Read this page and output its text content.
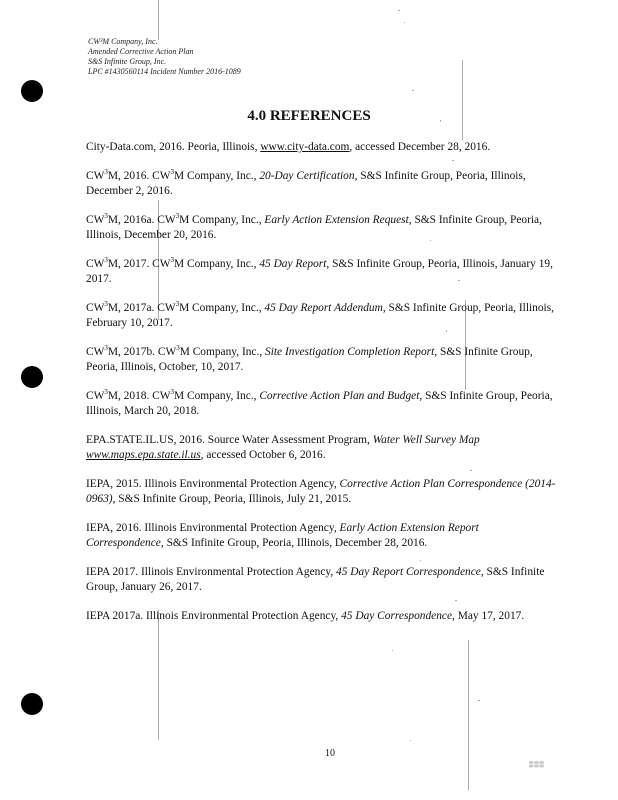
CW³M Company, Inc.
Amended Corrective Action Plan
S&S Infinite Group, Inc.
LPC #1430560114 Incident Number 2016-1089
4.0 REFERENCES
City-Data.com, 2016. Peoria, Illinois, www.city-data.com, accessed December 28, 2016.
$CW^3M$, 2016. $CW^3M$ Company, Inc., 20-Day Certification, S&S Infinite Group, Peoria, Illinois, December 2, 2016.
$CW^3M$, 2016a. $CW^3M$ Company, Inc., Early Action Extension Request, S&S Infinite Group, Peoria, Illinois, December 20, 2016.
$CW^3M$, 2017. $CW^3M$ Company, Inc., 45 Day Report, S&S Infinite Group, Peoria, Illinois, January 19, 2017.
$CW^3M$, 2017a. $CW^3M$ Company, Inc., 45 Day Report Addendum, S&S Infinite Group, Peoria, Illinois, February 10, 2017.
$CW^3M$, 2017b. $CW^3M$ Company, Inc., Site Investigation Completion Report, S&S Infinite Group, Peoria, Illinois, October, 10, 2017.
$CW^3M$, 2018. $CW^3M$ Company, Inc., Corrective Action Plan and Budget, S&S Infinite Group, Peoria, Illinois, March 20, 2018.
EPA.STATE.IL.US, 2016. Source Water Assessment Program, Water Well Survey Map
www.maps.epa.state.il.us, accessed October 6, 2016.
IEPA, 2015. Illinois Environmental Protection Agency, Corrective Action Plan Correspondence (2014-0963), S&S Infinite Group, Peoria, Illinois, July 21, 2015.
IEPA, 2016. Illinois Environmental Protection Agency, Early Action Extension Report Correspondence, S&S Infinite Group, Peoria, Illinois, December 28, 2016.
IEPA 2017. Illinois Environmental Protection Agency, 45 Day Report Correspondence, S&S Infinite Group, January 26, 2017.
IEPA 2017a. Illinois Environmental Protection Agency, 45 Day Correspondence, May 17, 2017.
10
▒▒▒
